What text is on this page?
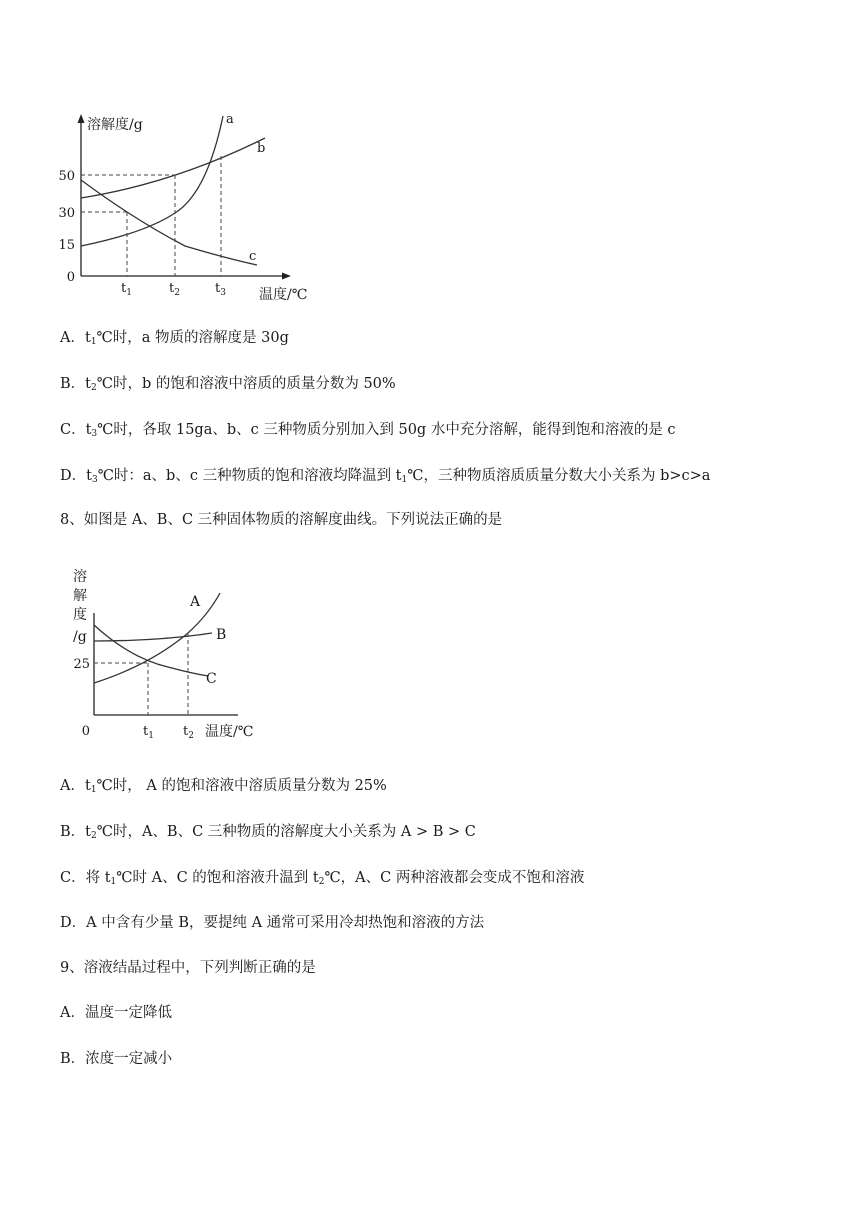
溶解度/g
50
30
15
0
$t_1$	$t_2$	$t_3$ 温度/℃
a
b
c

A．$t_1℃$时，a 物质的溶解度是 30g

B．$t_2℃$时，b 的饱和溶液中溶质的质量分数为 50%

C．$t_3℃$时，各取 15ga、b、c 三种物质分别加入到 50g 水中充分溶解，能得到饱和溶液的是 c

D．$t_3℃$时：a、b、c 三种物质的饱和溶液均降温到 $t_1℃$，三种物质溶质质量分数大小关系为 b>c>a

8、如图是 A、B、C 三种固体物质的溶解度曲线。下列说法正确的是

溶
解
度
/g
25
0	$t_1$ $t_2$ 温度/℃
A
B
C

A．$t_1℃$时， A 的饱和溶液中溶质质量分数为 25%

B．$t_2℃$时，A、B、C 三种物质的溶解度大小关系为 A > B > C

C．将 $t_1℃$时 A、C 的饱和溶液升温到 $t_2℃$，A、C 两种溶液都会变成不饱和溶液

D．A 中含有少量 B，要提纯 A 通常可采用冷却热饱和溶液的方法

9、溶液结晶过程中，下列判断正确的是

A．温度一定降低

B．浓度一定减小
